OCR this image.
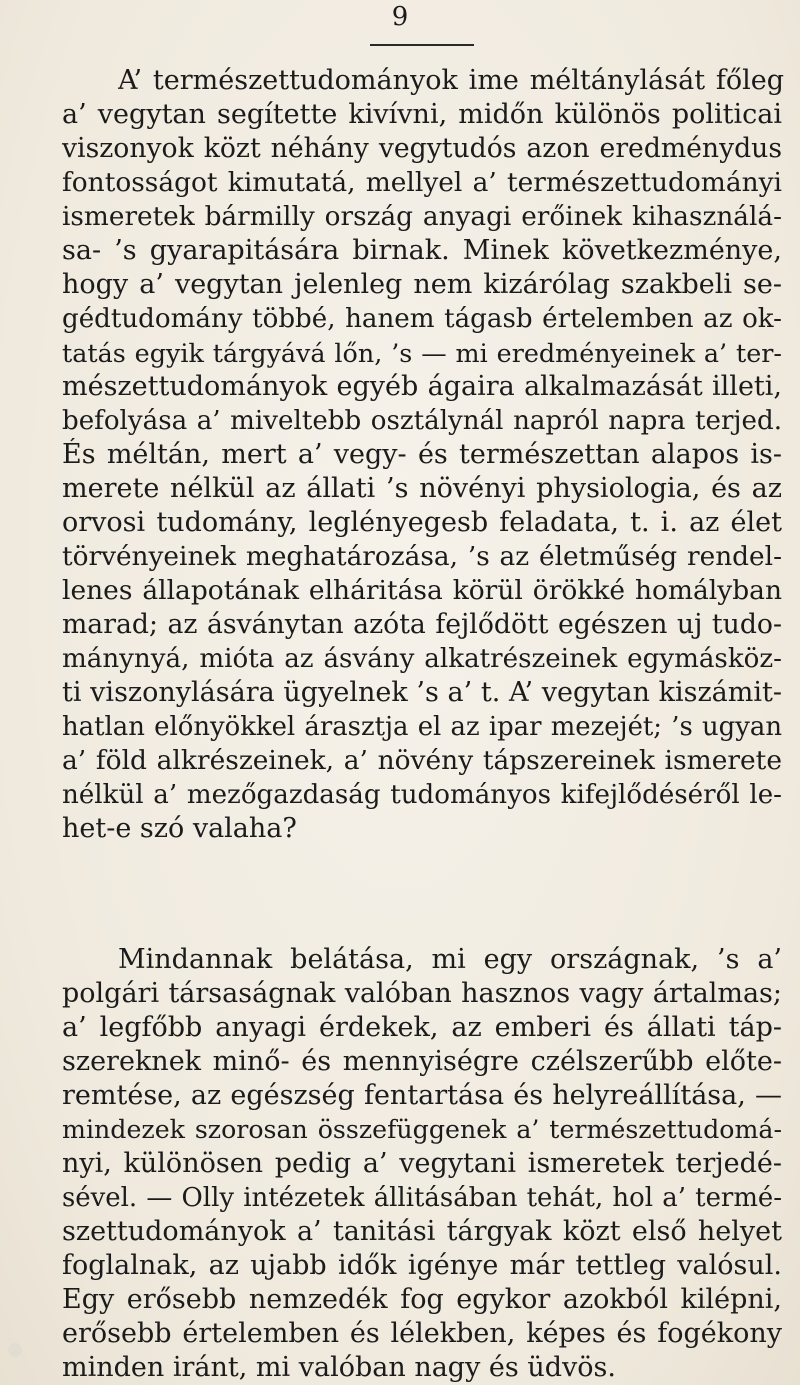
9
A’ természettudományok ime méltánylását főleg
a’ vegytan segítette kivívni, midőn különös politicai
viszonyok közt néhány vegytudós azon eredménydus
fontosságot kimutatá, mellyel a’ természettudományi
ismeretek bármilly ország anyagi erőinek kihasználá-
sa- ’s gyarapitására birnak. Minek következménye,
hogy a’ vegytan jelenleg nem kizárólag szakbeli se-
gédtudomány többé, hanem tágasb értelemben az ok-
tatás egyik tárgyává lőn, ’s — mi eredményeinek a’ ter-
mészettudományok egyéb ágaira alkalmazását illeti,
befolyása a’ miveltebb osztálynál napról napra terjed.
És méltán, mert a’ vegy- és természettan alapos is-
merete nélkül az állati ’s növényi physiologia, és az
orvosi tudomány, leglényegesb feladata, t. i. az élet
törvényeinek meghatározása, ’s az életműség rendel-
lenes állapotának elháritása körül örökké homályban
marad; az ásványtan azóta fejlődött egészen uj tudo-
mánynyá, mióta az ásvány alkatrészeinek egymásköz-
ti viszonylására ügyelnek ’s a’ t. A’ vegytan kiszámit-
hatlan előnyökkel árasztja el az ipar mezejét; ’s ugyan
a’ föld alkrészeinek, a’ növény tápszereinek ismerete
nélkül a’ mezőgazdaság tudományos kifejlődéséről le-
het-e szó valaha?
Mindannak belátása, mi egy országnak, ’s a’
polgári társaságnak valóban hasznos vagy ártalmas;
a’ legfőbb anyagi érdekek, az emberi és állati táp-
szereknek minő- és mennyiségre czélszerűbb előte-
remtése, az egészség fentartása és helyreállítása, —
mindezek szorosan összefüggenek a’ természettudomá-
nyi, különösen pedig a’ vegytani ismeretek terjedé-
sével. — Olly intézetek állitásában tehát, hol a’ termé-
szettudományok a’ tanitási tárgyak közt első helyet
foglalnak, az ujabb idők igénye már tettleg valósul.
Egy erősebb nemzedék fog egykor azokból kilépni,
erősebb értelemben és lélekben, képes és fogékony
minden iránt, mi valóban nagy és üdvös.
